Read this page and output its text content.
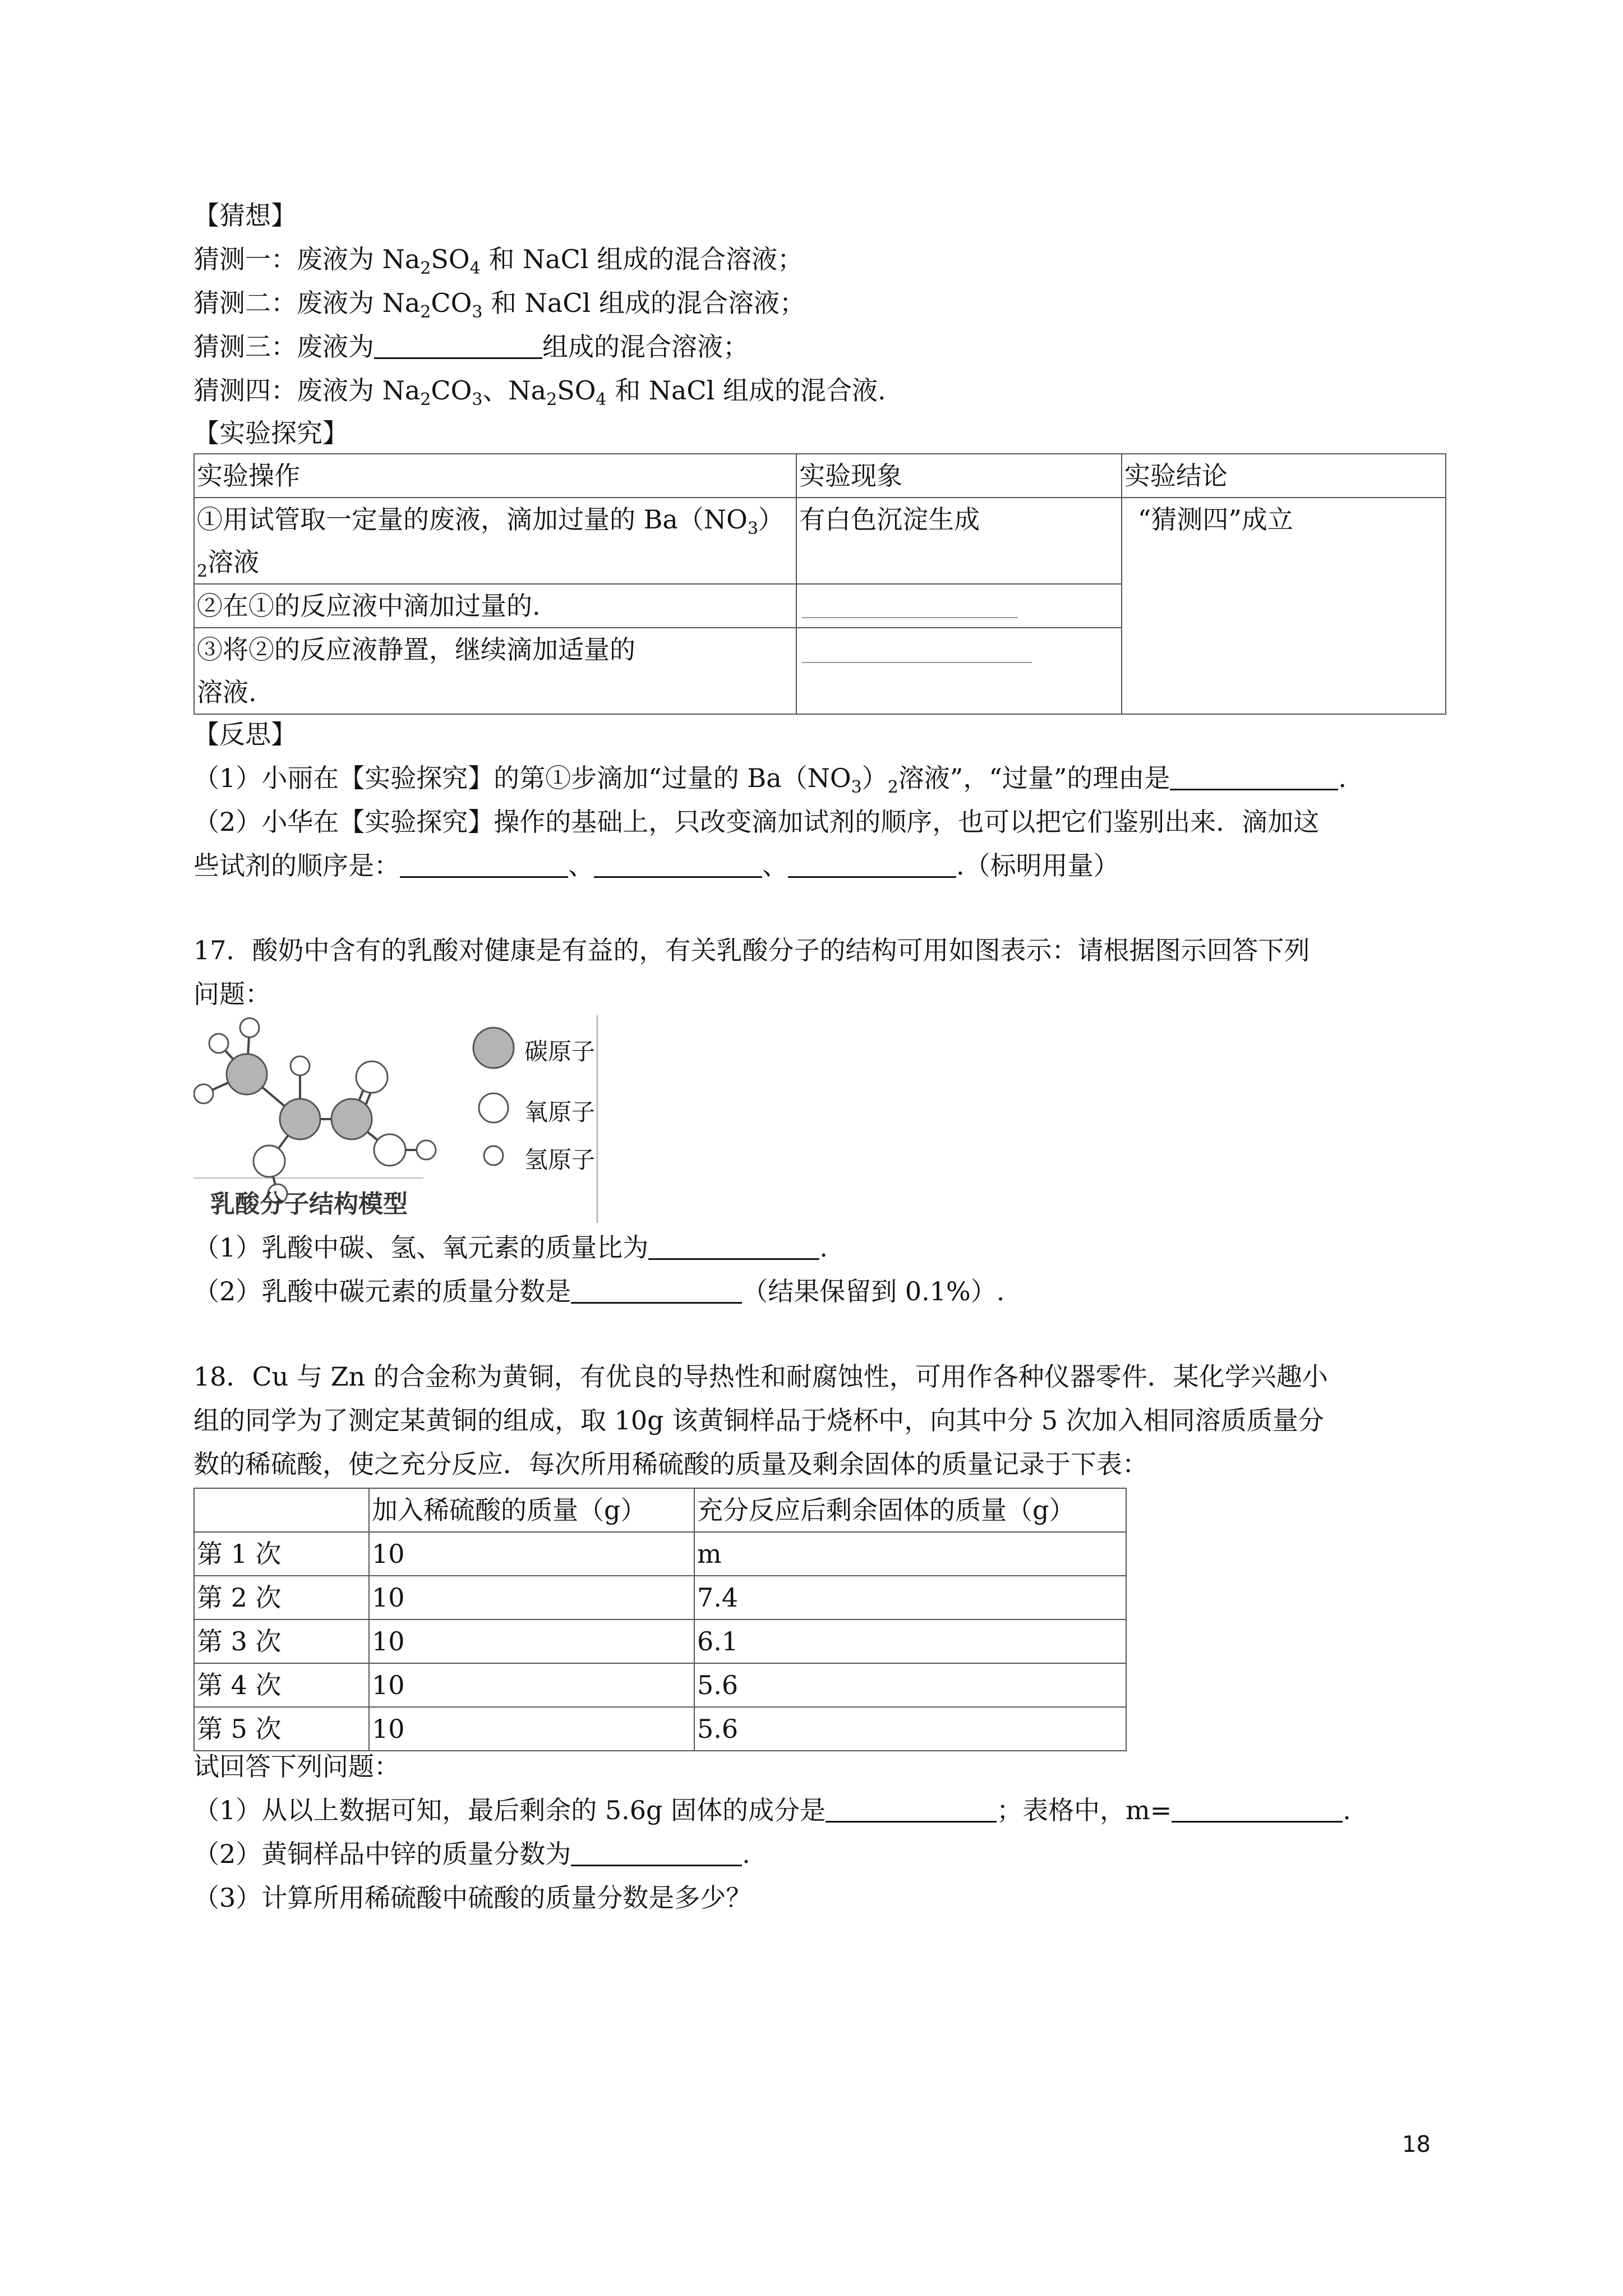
【猜想】
猜测一：废液为 $Na_2SO_4$ 和 NaCl 组成的混合溶液；
猜测二：废液为 $Na_2CO_3$ 和 NaCl 组成的混合溶液；
猜测三：废液为	组成的混合溶液；
猜测四：废液为 $Na_2CO_3$、$Na_2SO_4$ 和 NaCl 组成的混合液.
【实验探究】
实验操作	实验现象	实验结论
①用试管取一定量的废液，滴加过量的 $Ba(NO_3)$
$_2$溶液	有白色沉淀生成	“猜测四”成立
②在①的反应液中滴加过量的.		
③将②的反应液静置，继续滴加适量的
溶液.		
【反思】
（1）小丽在【实验探究】的第①步滴加“过量的 $Ba(NO_3)_2$溶液”，“过量”的理由是	.
（2）小华在【实验探究】操作的基础上，只改变滴加试剂的顺序，也可以把它们鉴别出来．滴加这
些试剂的顺序是：	、	、	.（标明用量）
17．酸奶中含有的乳酸对健康是有益的，有关乳酸分子的结构可用如图表示：请根据图示回答下列
问题：
碳原子
氧原子
氢原子
乳酸分子结构模型
（1）乳酸中碳、氢、氧元素的质量比为	.
（2）乳酸中碳元素的质量分数是	（结果保留到 0.1%）.
18．Cu 与 Zn 的合金称为黄铜，有优良的导热性和耐腐蚀性，可用作各种仪器零件．某化学兴趣小
组的同学为了测定某黄铜的组成，取 10g 该黄铜样品于烧杯中，向其中分 5 次加入相同溶质质量分
数的稀硫酸，使之充分反应．每次所用稀硫酸的质量及剩余固体的质量记录于下表：
	加入稀硫酸的质量（g）	充分反应后剩余固体的质量（g）
第 1 次	10	m
第 2 次	10	7.4
第 3 次	10	6.1
第 4 次	10	5.6
第 5 次	10	5.6
试回答下列问题：
（1）从以上数据可知，最后剩余的 5.6g 固体的成分是	；表格中，m=	.
（2）黄铜样品中锌的质量分数为	.
（3）计算所用稀硫酸中硫酸的质量分数是多少？
18
